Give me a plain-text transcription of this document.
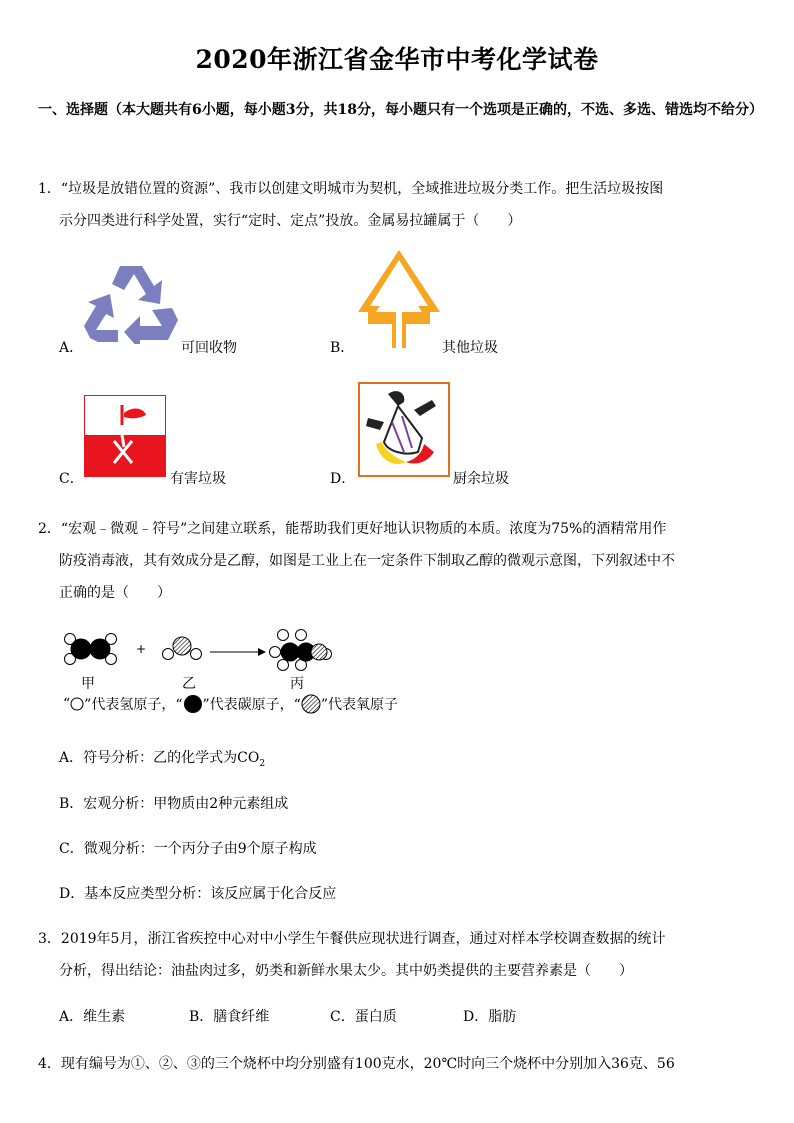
2020年浙江省金华市中考化学试卷
一、选择题（本大题共有6小题，每小题3分，共18分，每小题只有一个选项是正确的，不选、多选、错选均不给分）
1．“垃圾是放错位置的资源”、我市以创建文明城市为契机，全域推进垃圾分类工作。把生活垃圾按图
示分四类进行科学处置，实行“定时、定点”投放。金属易拉罐属于（　　）
A．	可回收物	B．	其他垃圾
C．	有害垃圾	D．	厨余垃圾
2．“宏观﹣微观﹣符号”之间建立联系，能帮助我们更好地认识物质的本质。浓度为75%的酒精常用作
防疫消毒液，其有效成分是乙醇，如图是工业上在一定条件下制取乙醇的微观示意图，下列叙述中不
正确的是（　　）
+
甲	乙	丙
“ ”代表氢原子，“ ”代表碳原子，“ ”代表氧原子
A．符号分析：乙的化学式为$CO_2$
B．宏观分析：甲物质由2种元素组成
C．微观分析：一个丙分子由9个原子构成
D．基本反应类型分析：该反应属于化合反应
3．2019年5月，浙江省疾控中心对中小学生午餐供应现状进行调查，通过对样本学校调查数据的统计
分析，得出结论：油盐肉过多，奶类和新鲜水果太少。其中奶类提供的主要营养素是（　　）
A．维生素	B．膳食纤维	C．蛋白质	D．脂肪
4．现有编号为①、②、③的三个烧杯中均分别盛有100克水，20℃时向三个烧杯中分别加入36克、56
